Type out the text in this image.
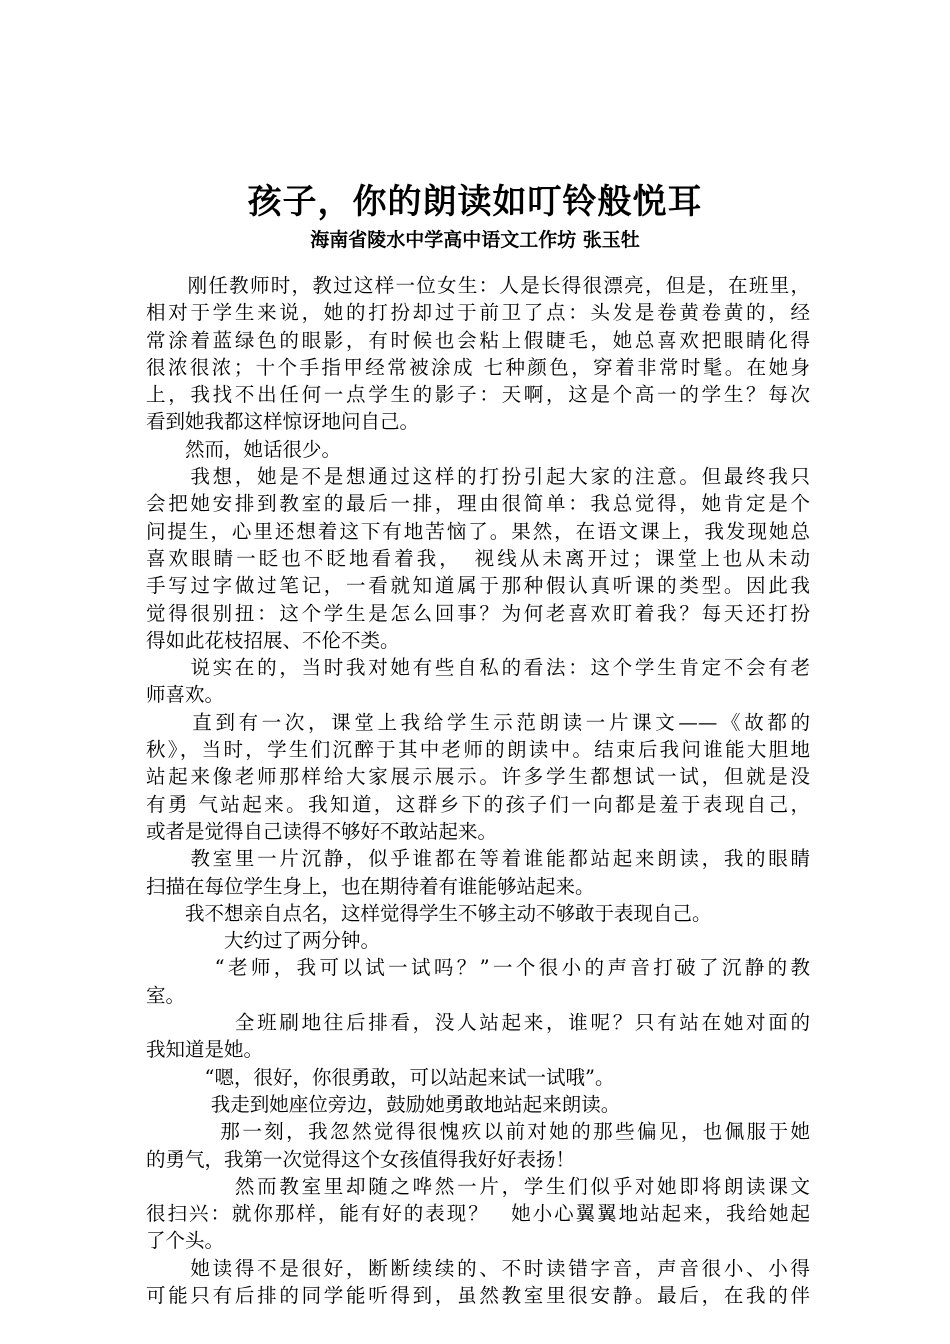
孩子，你的朗读如叮铃般悦耳
海南省陵水中学高中语文工作坊 张玉牡
　　刚任教师时，教过这样一位女生：人是长得很漂亮，但是，在班里，
相对于学生来说，她的打扮却过于前卫了点：头发是卷黄卷黄的，经
常涂着蓝绿色的眼影，有时候也会粘上假睫毛，她总喜欢把眼睛化得
很浓很浓；十个手指甲经常被涂成 七种颜色，穿着非常时髦。在她身
上，我找不出任何一点学生的影子：天啊，这是个高一的学生？每次
看到她我都这样惊讶地问自己。
　　然而，她话很少。
　　我想，她是不是想通过这样的打扮引起大家的注意。但最终我只
会把她安排到教室的最后一排，理由很简单：我总觉得，她肯定是个
问提生，心里还想着这下有地苦恼了。果然，在语文课上，我发现她总
喜欢眼睛一眨也不眨地看着我，　视线从未离开过；课堂上也从未动
手写过字做过笔记，一看就知道属于那种假认真听课的类型。因此我
觉得很别扭：这个学生是怎么回事？为何老喜欢盯着我？每天还打扮
得如此花枝招展、不伦不类。
　　说实在的，当时我对她有些自私的看法：这个学生肯定不会有老
师喜欢。
　　直到有一次，课堂上我给学生示范朗读一片课文——《故都的
秋》，当时，学生们沉醉于其中老师的朗读中。结束后我问谁能大胆地
站起来像老师那样给大家展示展示。许多学生都想试一试，但就是没
有勇 气站起来。我知道，这群乡下的孩子们一向都是羞于表现自己，
或者是觉得自己读得不够好不敢站起来。
　　教室里一片沉静，似乎谁都在等着谁能都站起来朗读，我的眼睛
扫描在每位学生身上，也在期待着有谁能够站起来。
　　我不想亲自点名，这样觉得学生不够主动不够敢于表现自己。
　　　　大约过了两分钟。
　　　“老师，我可以试一试吗？”一个很小的声音打破了沉静的教
室。
　　　　全班刷地往后排看，没人站起来，谁呢？只有站在她对面的
我知道是她。
　　　“嗯，很好，你很勇敢，可以站起来试一试哦”。
　　　 我走到她座位旁边，鼓励她勇敢地站起来朗读。
　　　 那一刻，我忽然觉得很愧疚以前对她的那些偏见，也佩服于她
的勇气，我第一次觉得这个女孩值得我好好表扬！
　　　　然而教室里却随之哗然一片，学生们似乎对她即将朗读课文
很扫兴：就你那样，能有好的表现？　她小心翼翼地站起来，我给她起
了个头。
　　她读得不是很好，断断续续的、不时读错字音，声音很小、小得
可能只有后排的同学能听得到，虽然教室里很安静。最后，在我的伴
